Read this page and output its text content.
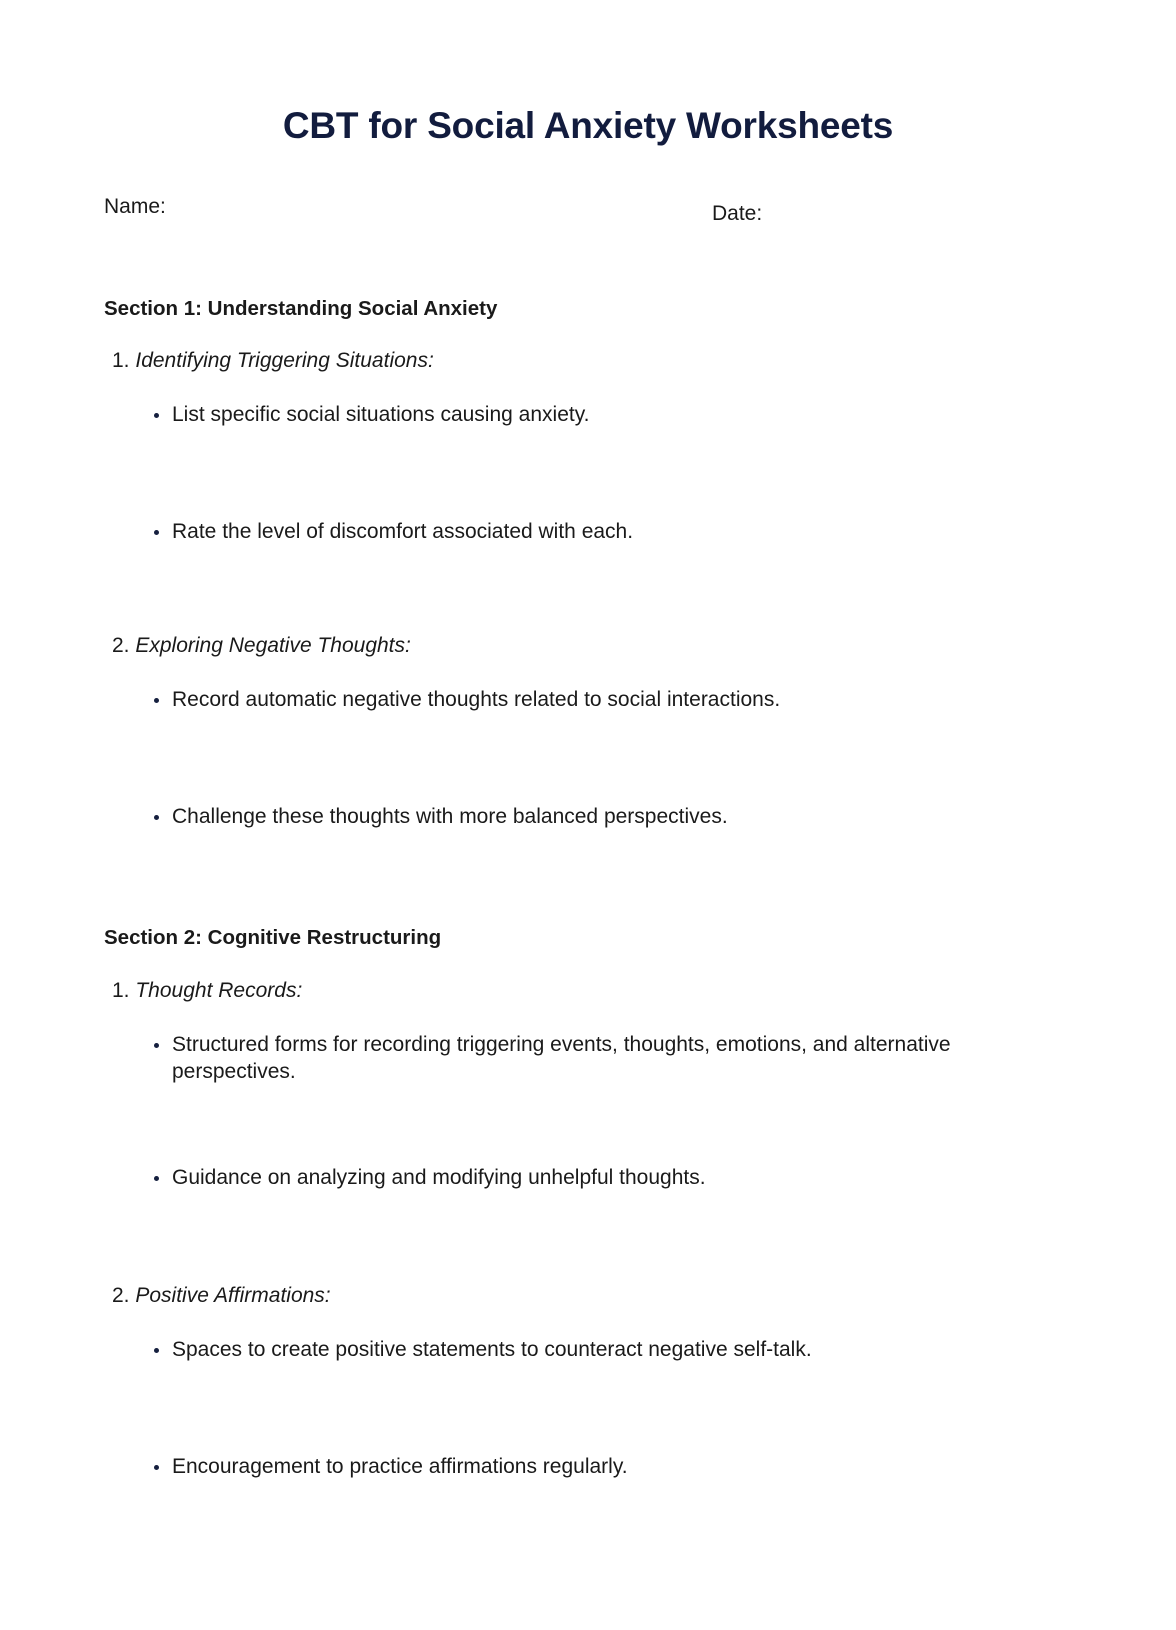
CBT for Social Anxiety Worksheets
Name:	Date:
Section 1: Understanding Social Anxiety
1. Identifying Triggering Situations:
List specific social situations causing anxiety.
Rate the level of discomfort associated with each.
2. Exploring Negative Thoughts:
Record automatic negative thoughts related to social interactions.
Challenge these thoughts with more balanced perspectives.
Section 2: Cognitive Restructuring
1. Thought Records:
Structured forms for recording triggering events, thoughts, emotions, and alternative perspectives.
Guidance on analyzing and modifying unhelpful thoughts.
2. Positive Affirmations:
Spaces to create positive statements to counteract negative self-talk.
Encouragement to practice affirmations regularly.
